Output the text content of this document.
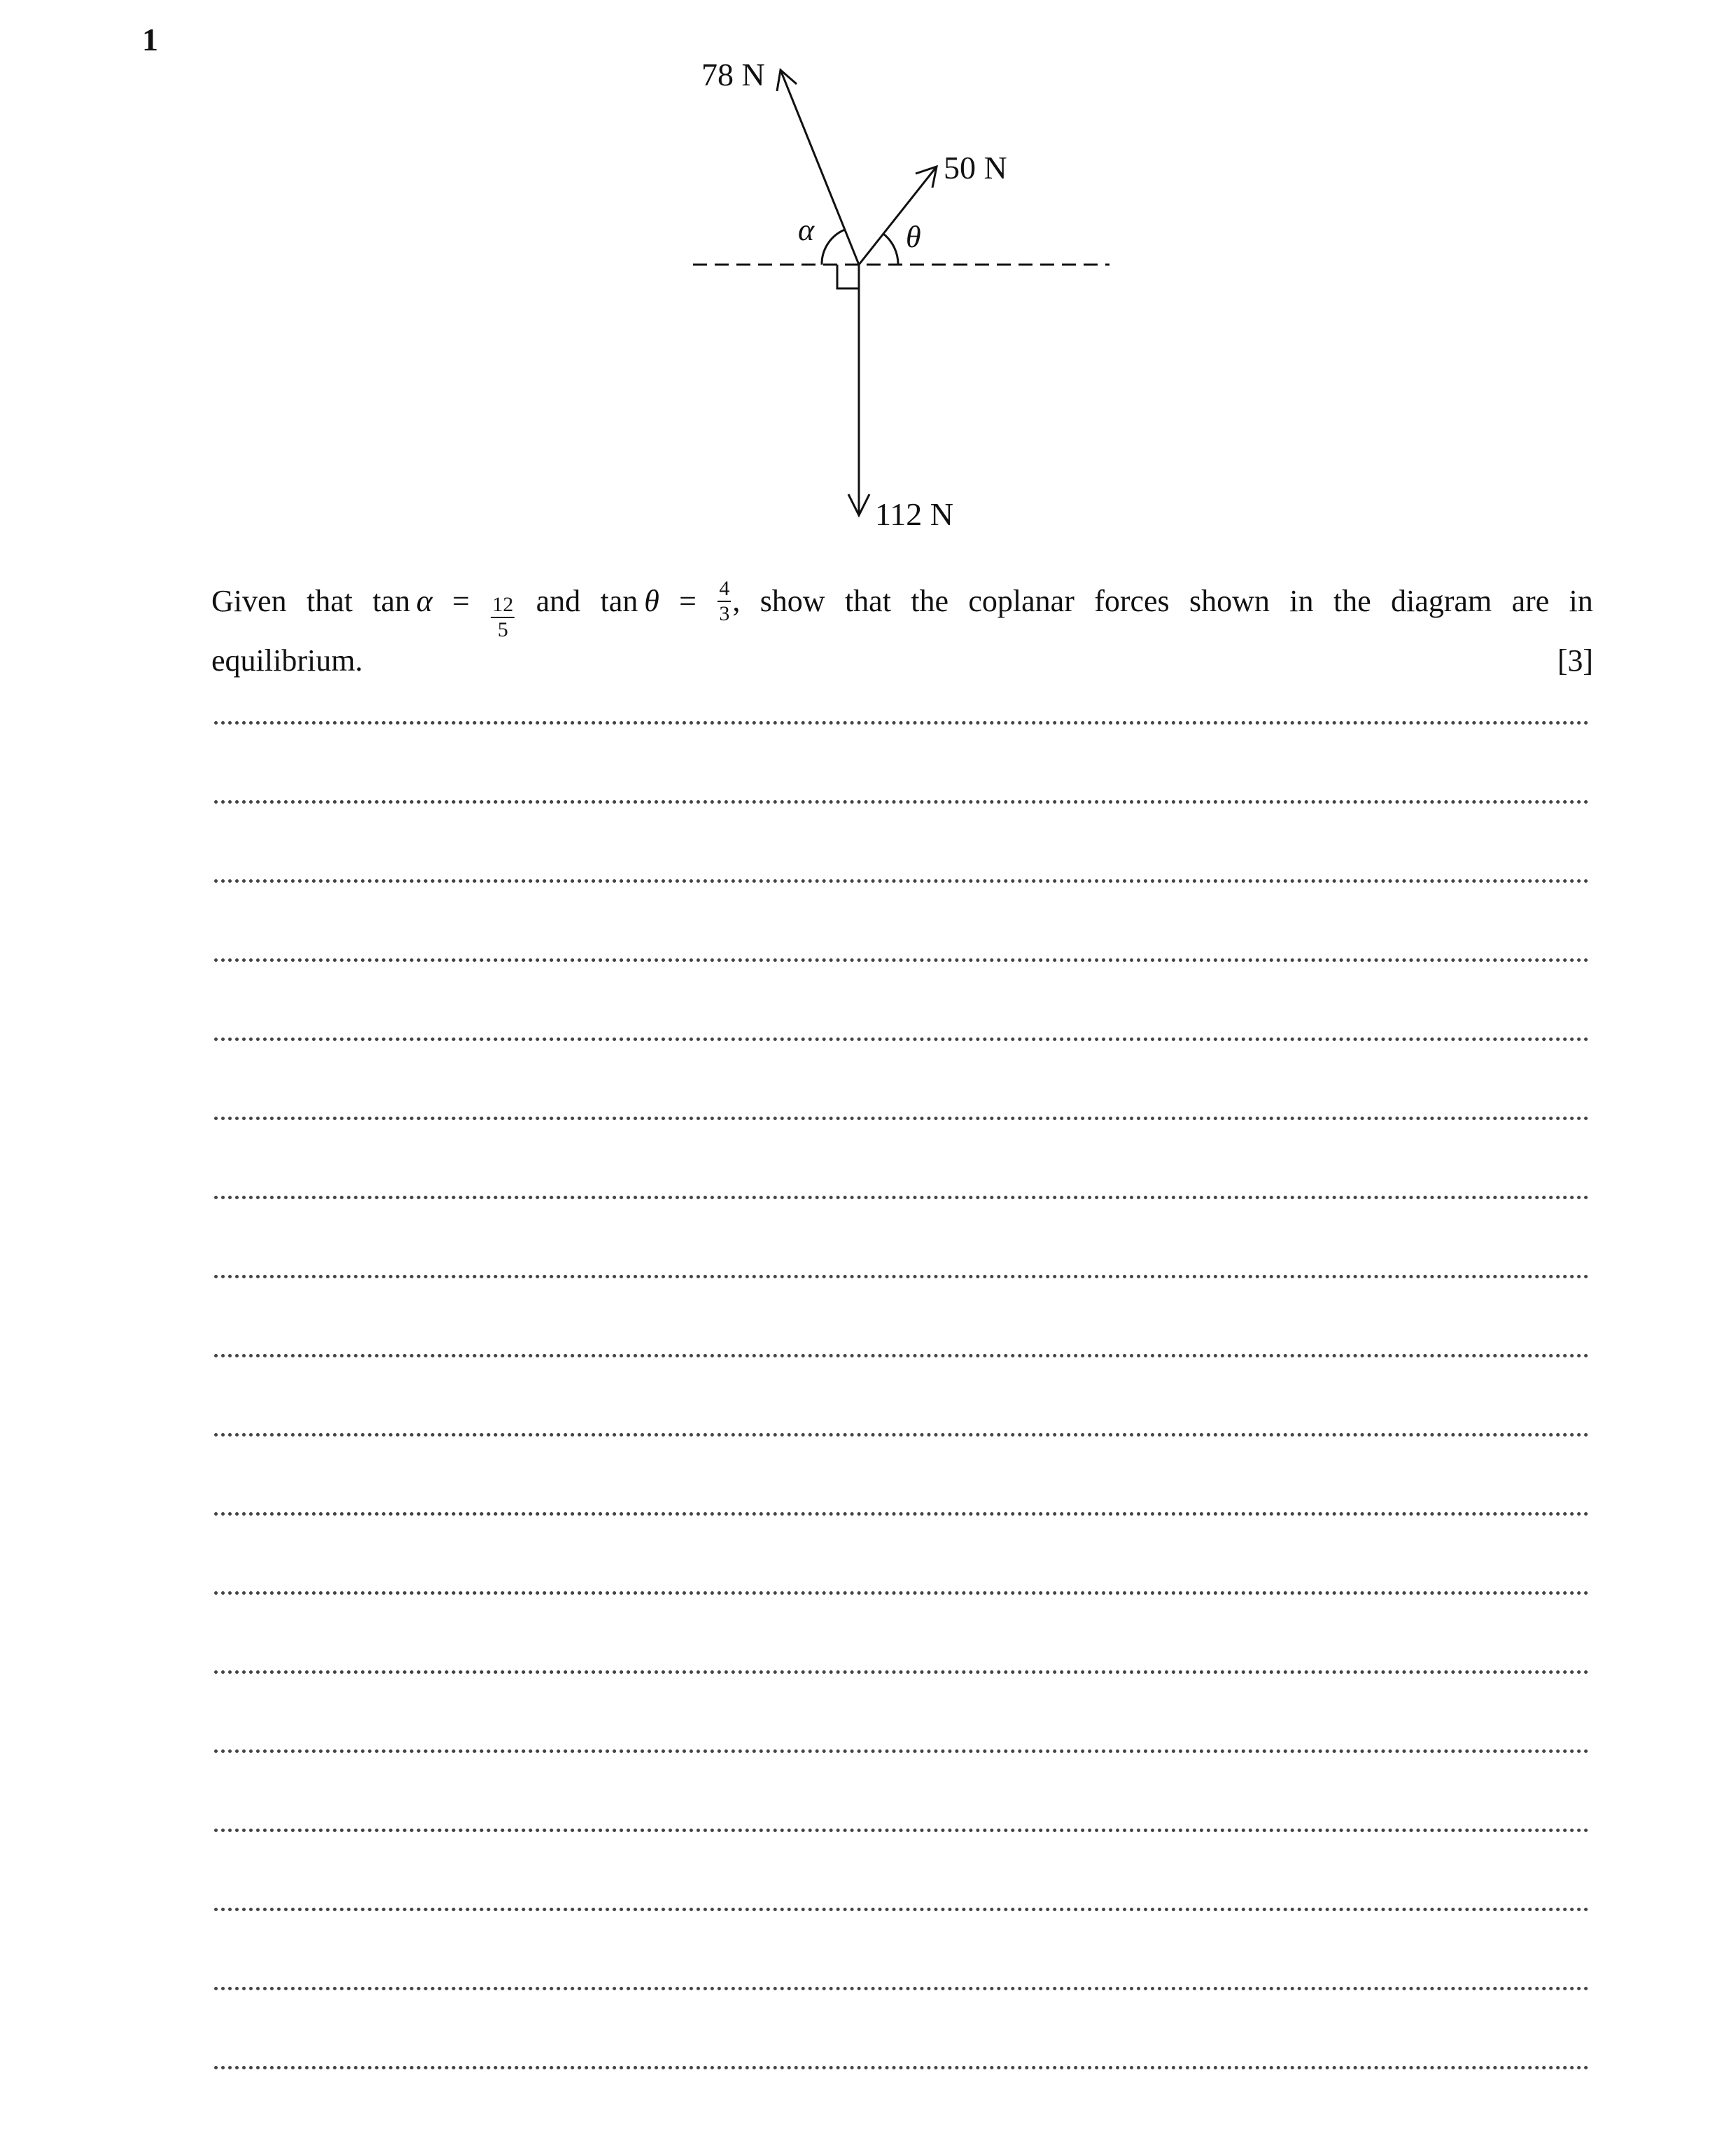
1
78 N
50 N
112 N
α	θ
Given that $\tan \alpha = \frac{12}{5}$ and $\tan \theta = \frac{4}{3}$ , show that the coplanar forces shown in the diagram are in
equilibrium.	[3]
